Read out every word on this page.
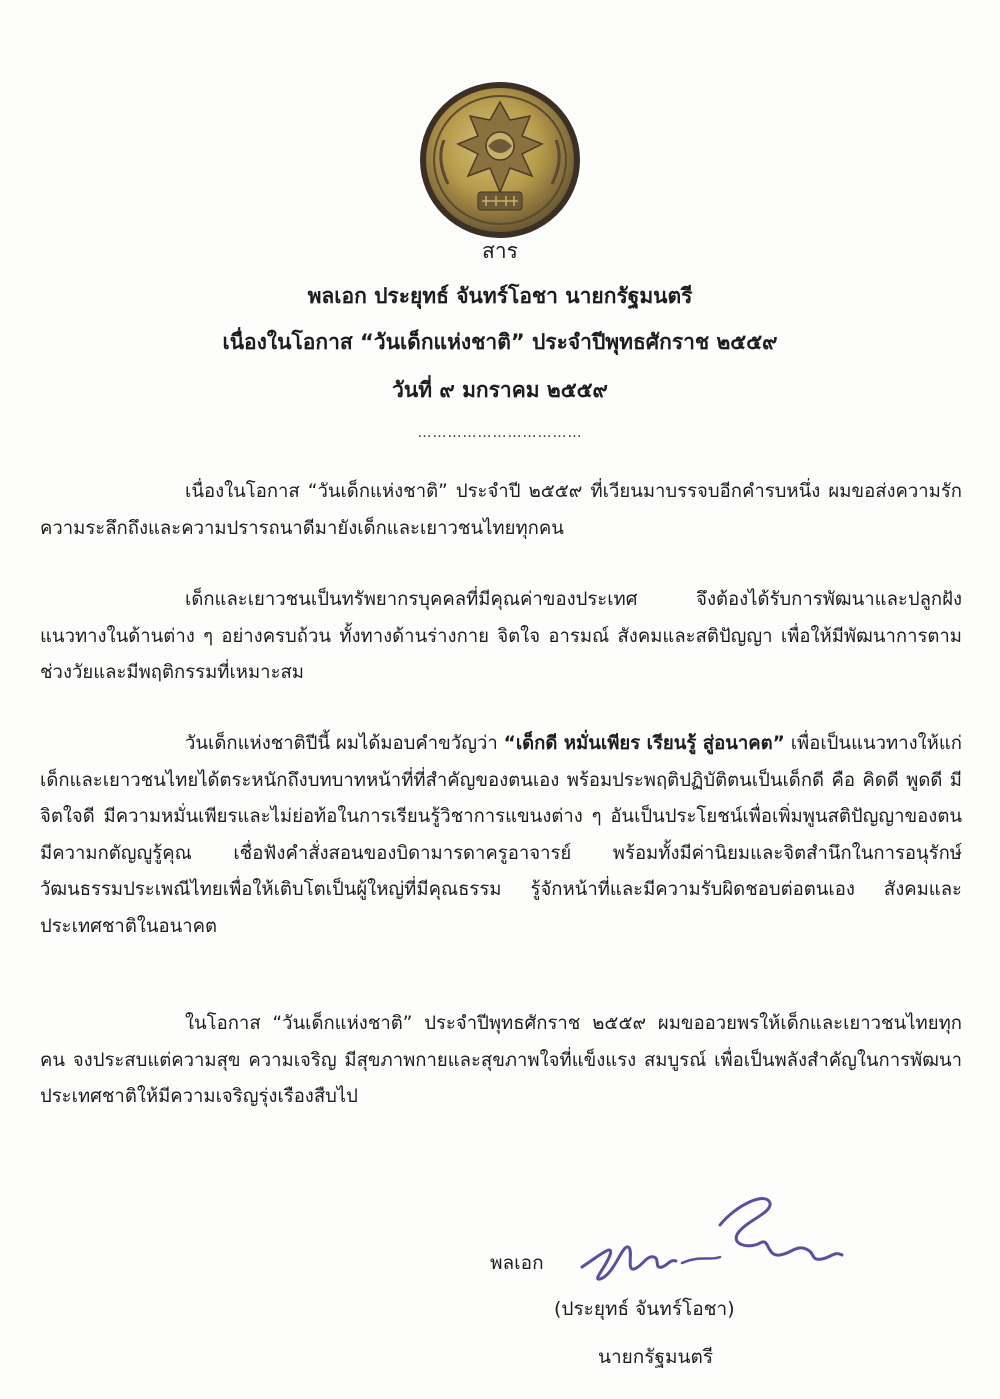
สาร
พลเอก ประยุทธ์ จันทร์โอชา นายกรัฐมนตรี
เนื่องในโอกาส “วันเด็กแห่งชาติ” ประจำปีพุทธศักราช ๒๕๕๙
วันที่ ๙ มกราคม ๒๕๕๙
……………………………

เนื่องในโอกาส “วันเด็กแห่งชาติ” ประจำปี ๒๕๕๙ ที่เวียนมาบรรจบอีกคำรบหนึ่ง ผมขอส่งความรัก ความระลึกถึงและความปรารถนาดีมายังเด็กและเยาวชนไทยทุกคน

เด็กและเยาวชนเป็นทรัพยากรบุคคลที่มีคุณค่าของประเทศ จึงต้องได้รับการพัฒนาและปลูกฝังแนวทางในด้านต่าง ๆ อย่างครบถ้วน ทั้งทางด้านร่างกาย จิตใจ อารมณ์ สังคมและสติปัญญา เพื่อให้มีพัฒนาการตามช่วงวัยและมีพฤติกรรมที่เหมาะสม

วันเด็กแห่งชาติปีนี้ ผมได้มอบคำขวัญว่า “เด็กดี หมั่นเพียร เรียนรู้ สู่อนาคต” เพื่อเป็นแนวทางให้แก่เด็กและเยาวชนไทยได้ตระหนักถึงบทบาทหน้าที่ที่สำคัญของตนเอง พร้อมประพฤติปฏิบัติตนเป็นเด็กดี คือ คิดดี พูดดี มีจิตใจดี มีความหมั่นเพียรและไม่ย่อท้อในการเรียนรู้วิชาการแขนงต่าง ๆ อันเป็นประโยชน์เพื่อเพิ่มพูนสติปัญญาของตน มีความกตัญญูรู้คุณ เชื่อฟังคำสั่งสอนของบิดามารดาครูอาจารย์ พร้อมทั้งมีค่านิยมและจิตสำนึกในการอนุรักษ์วัฒนธรรมประเพณีไทยเพื่อให้เติบโตเป็นผู้ใหญ่ที่มีคุณธรรม รู้จักหน้าที่และมีความรับผิดชอบต่อตนเอง สังคมและประเทศชาติในอนาคต

ในโอกาส “วันเด็กแห่งชาติ” ประจำปีพุทธศักราช ๒๕๕๙ ผมขออวยพรให้เด็กและเยาวชนไทยทุกคน จงประสบแต่ความสุข ความเจริญ มีสุขภาพกายและสุขภาพใจที่แข็งแรง สมบูรณ์ เพื่อเป็นพลังสำคัญในการพัฒนาประเทศชาติให้มีความเจริญรุ่งเรืองสืบไป

พลเอก
(ประยุทธ์ จันทร์โอชา)
นายกรัฐมนตรี
